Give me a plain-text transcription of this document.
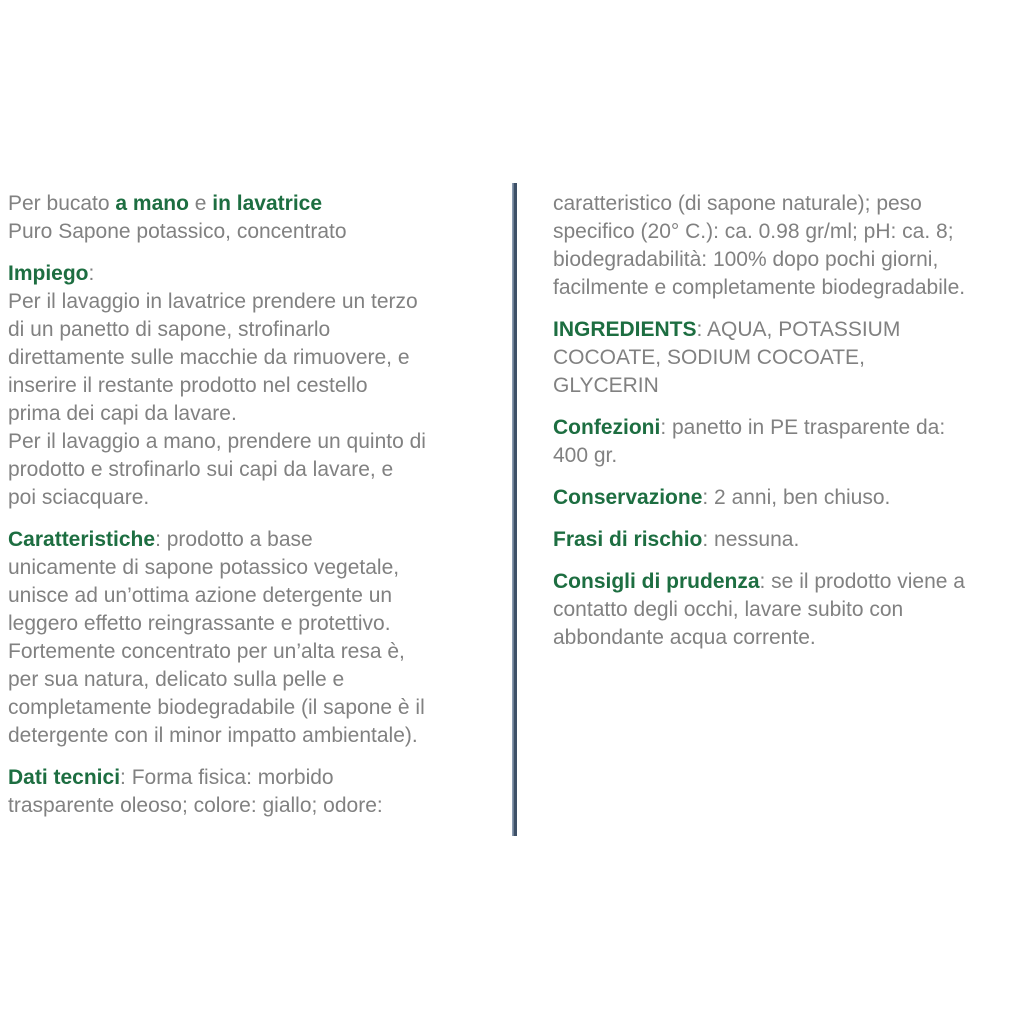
Per bucato a mano e in lavatrice
Puro Sapone potassico, concentrato

Impiego:
Per il lavaggio in lavatrice prendere un terzo
di un panetto di sapone, strofinarlo
direttamente sulle macchie da rimuovere, e
inserire il restante prodotto nel cestello
prima dei capi da lavare.
Per il lavaggio a mano, prendere un quinto di
prodotto e strofinarlo sui capi da lavare, e
poi sciacquare.

Caratteristiche: prodotto a base
unicamente di sapone potassico vegetale,
unisce ad un’ottima azione detergente un
leggero effetto reingrassante e protettivo.
Fortemente concentrato per un’alta resa è,
per sua natura, delicato sulla pelle e
completamente biodegradabile (il sapone è il
detergente con il minor impatto ambientale).

Dati tecnici: Forma fisica: morbido
trasparente oleoso; colore: giallo; odore:

caratteristico (di sapone naturale); peso
specifico (20° C.): ca. 0.98 gr/ml; pH: ca. 8;
biodegradabilità: 100% dopo pochi giorni,
facilmente e completamente biodegradabile.

INGREDIENTS: AQUA, POTASSIUM
COCOATE, SODIUM COCOATE,
GLYCERIN

Confezioni: panetto in PE trasparente da:
400 gr.

Conservazione: 2 anni, ben chiuso.

Frasi di rischio: nessuna.

Consigli di prudenza: se il prodotto viene a
contatto degli occhi, lavare subito con
abbondante acqua corrente.
